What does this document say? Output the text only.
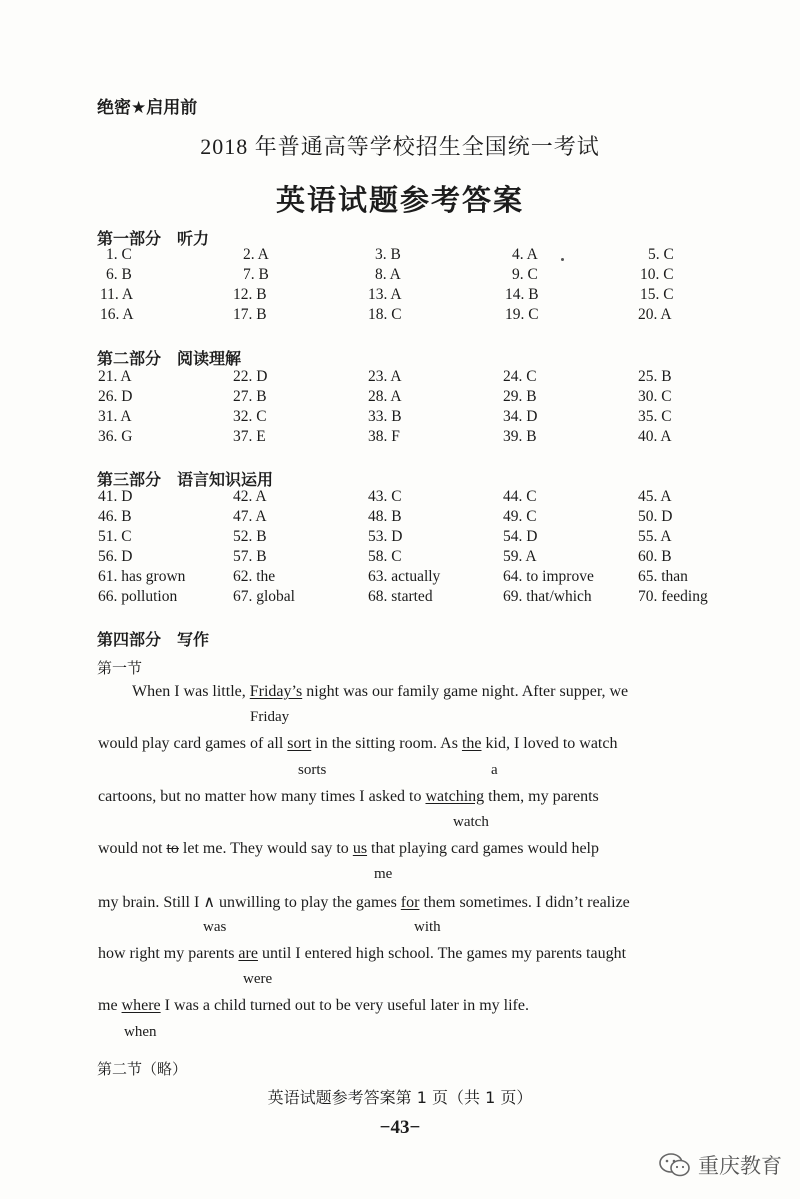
绝密★启用前
2018 年普通高等学校招生全国统一考试
英语试题参考答案
第一部分　听力
1. C	2. A	3. B	4. A	5. C
6. B	7. B	8. A	9. C	10. C
11. A	12. B	13. A	14. B	15. C
16. A	17. B	18. C	19. C	20. A
第二部分　阅读理解
21. A	22. D	23. A	24. C	25. B
26. D	27. B	28. A	29. B	30. C
31. A	32. C	33. B	34. D	35. C
36. G	37. E	38. F	39. B	40. A
第三部分　语言知识运用
41. D	42. A	43. C	44. C	45. A
46. B	47. A	48. B	49. C	50. D
51. C	52. B	53. D	54. D	55. A
56. D	57. B	58. C	59. A	60. B
61. has grown	62. the	63. actually	64. to improve	65. than
66. pollution	67. global	68. started	69. that/which	70. feeding
第四部分　写作
第一节
When I was little, Friday’s night was our family game night. After supper, we
Friday
would play card games of all sort in the sitting room. As the kid, I loved to watch
sorts	a
cartoons, but no matter how many times I asked to watching them, my parents
watch
would not to let me. They would say to us that playing card games would help
me
my brain. Still I ∧ unwilling to play the games for them sometimes. I didn’t realize
was	with
how right my parents are until I entered high school. The games my parents taught
were
me where I was a child turned out to be very useful later in my life.
when
第二节（略）
英语试题参考答案第 1 页（共 1 页）
−43−
重庆教育
